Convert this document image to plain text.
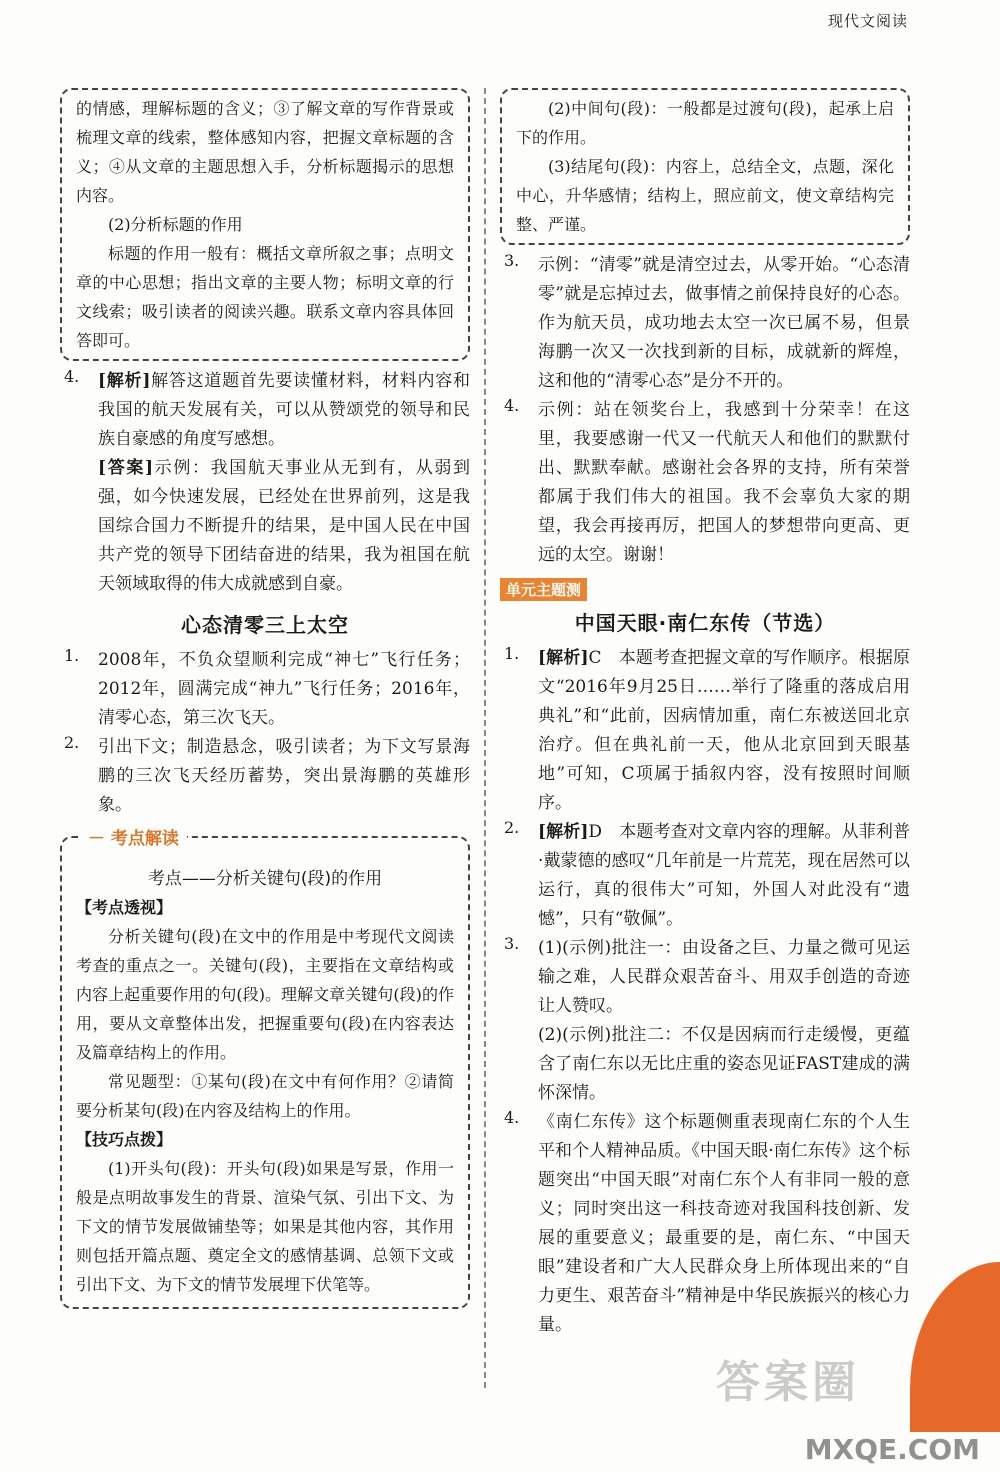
现代文阅读

的情感，理解标题的含义；③了解文章的写作背景或梳理文章的线索，整体感知内容，把握文章标题的含义；④从文章的主题思想入手，分析标题揭示的思想内容。

(2)分析标题的作用

标题的作用一般有：概括文章所叙之事；点明文章的中心思想；指出文章的主要人物；标明文章的行文线索；吸引读者的阅读兴趣。联系文章内容具体回答即可。

4. [解析]解答这道题首先要读懂材料，材料内容和我国的航天发展有关，可以从赞颂党的领导和民族自豪感的角度写感想。

[答案]示例：我国航天事业从无到有，从弱到强，如今快速发展，已经处在世界前列，这是我国综合国力不断提升的结果，是中国人民在中国共产党的领导下团结奋进的结果，我为祖国在航天领域取得的伟大成就感到自豪。

心态清零三上太空
1. 2008年，不负众望顺利完成“神七”飞行任务；2012年，圆满完成“神九”飞行任务；2016年，清零心态，第三次飞天。

2. 引出下文；制造悬念，吸引读者；为下文写景海鹏的三次飞天经历蓄势，突出景海鹏的英雄形象。

－ 考点解读
考点——分析关键句(段)的作用

【考点透视】

分析关键句(段)在文中的作用是中考现代文阅读考查的重点之一。关键句(段)，主要指在文章结构或内容上起重要作用的句(段)。理解文章关键句(段)的作用，要从文章整体出发，把握重要句(段)在内容表达及篇章结构上的作用。

常见题型：①某句(段)在文中有何作用？②请简要分析某句(段)在内容及结构上的作用。

【技巧点拨】

(1)开头句(段)：开头句(段)如果是写景，作用一般是点明故事发生的背景、渲染气氛、引出下文、为下文的情节发展做铺垫等；如果是其他内容，其作用则包括开篇点题、奠定全文的感情基调、总领下文或引出下文、为下文的情节发展埋下伏笔等。

(2)中间句(段)：一般都是过渡句(段)，起承上启下的作用。

(3)结尾句(段)：内容上，总结全文，点题，深化中心，升华感情；结构上，照应前文，使文章结构完整、严谨。

3. 示例：“清零”就是清空过去，从零开始。“心态清零”就是忘掉过去，做事情之前保持良好的心态。作为航天员，成功地去太空一次已属不易，但景海鹏一次又一次找到新的目标，成就新的辉煌，这和他的“清零心态”是分不开的。

4. 示例：站在领奖台上，我感到十分荣幸！在这里，我要感谢一代又一代航天人和他们的默默付出、默默奉献。感谢社会各界的支持，所有荣誉都属于我们伟大的祖国。我不会辜负大家的期望，我会再接再厉，把国人的梦想带向更高、更远的太空。谢谢！

单元主题测
中国天眼·南仁东传（节选）
1. [解析]C　本题考查把握文章的写作顺序。根据原文“2016年9月25日……举行了隆重的落成启用典礼”和“此前，因病情加重，南仁东被送回北京治疗。但在典礼前一天，他从北京回到天眼基地”可知，C项属于插叙内容，没有按照时间顺序。

2. [解析]D　本题考查对文章内容的理解。从菲利普·戴蒙德的感叹“几年前是一片荒芜，现在居然可以运行，真的很伟大”可知，外国人对此没有“遗憾”，只有“敬佩”。

3. (1)(示例)批注一：由设备之巨、力量之微可见运输之难，人民群众艰苦奋斗、用双手创造的奇迹让人赞叹。

(2)(示例)批注二：不仅是因病而行走缓慢，更蕴含了南仁东以无比庄重的姿态见证FAST建成的满怀深情。

4. 《南仁东传》这个标题侧重表现南仁东的个人生平和个人精神品质。《中国天眼·南仁东传》这个标题突出“中国天眼”对南仁东个人有非同一般的意义；同时突出这一科技奇迹对我国科技创新、发展的重要意义；最重要的是，南仁东、“中国天眼”建设者和广大人民群众身上所体现出来的“自力更生、艰苦奋斗”精神是中华民族振兴的核心力量。

89
答案圈
MXQE.COM
